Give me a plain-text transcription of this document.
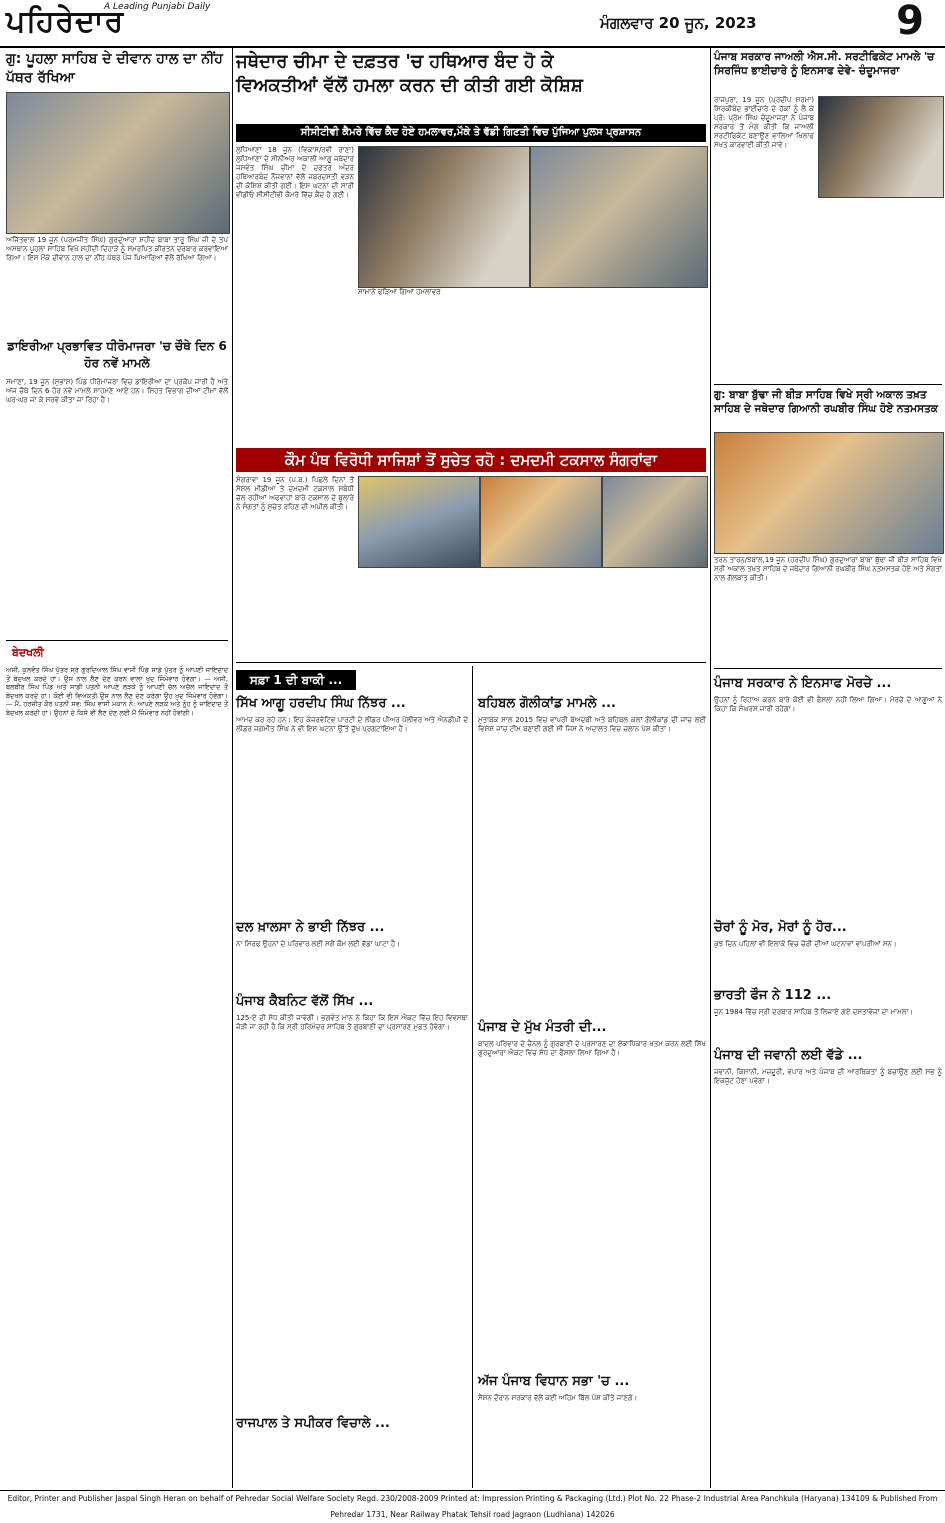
ਪਹਿਰੇਦਾਰ
A Leading Punjabi Daily
ਮੰਗਲਵਾਰ 20 ਜੂਨ, 2023	9
ਗੁ: ਪੂਹਲਾ ਸਾਹਿਬ ਦੇ ਦੀਵਾਨ ਹਾਲ ਦਾ ਨੀਂਹ ਪੱਥਰ ਰੱਖਿਆ
ਅਜਿੱਤਵਾਲ 19 ਜੂਨ (ਪਰਮਜੀਤ ਸਿੰਘ) ਗੁਰਦੁਆਰਾ ਸ਼ਹੀਦ ਬਾਬਾ ਤਾਰੂ ਸਿੰਘ ਜੀ ਦੇ ਤਪ ਅਸਥਾਨ ਪੂਹਲਾ ਸਾਹਿਬ ਵਿਖੇ ਸ਼ਹੀਦੀ ਦਿਹਾੜੇ ਨੂੰ ਸਮਰਪਿਤ ਕੀਰਤਨ ਦਰਬਾਰ ਕਰਵਾਇਆ ਗਿਆ। ਇਸ ਮੌਕੇ ਦੀਵਾਨ ਹਾਲ ਦਾ ਨੀਂਹ ਪੱਥਰ ਪੰਜ ਪਿਆਰਿਆਂ ਵੱਲੋਂ ਰੱਖਿਆ ਗਿਆ।
ਡਾਇਰੀਆ ਪ੍ਰਭਾਵਿਤ ਧੀਰੋਮਾਜਰਾ 'ਚ ਚੌਥੇ ਦਿਨ 6 ਹੋਰ ਨਵੇਂ ਮਾਮਲੇ
ਸਮਾਣਾ, 19 ਜੂਨ (ਸੁਭਾਸ਼) ਪਿੰਡ ਧੀਰੋਮਾਜਰਾ ਵਿਚ ਡਾਇਰੀਆ ਦਾ ਪ੍ਰਕੋਪ ਜਾਰੀ ਹੈ ਅਤੇ ਅੱਜ ਚੌਥੇ ਦਿਨ 6 ਹੋਰ ਨਵੇਂ ਮਾਮਲੇ ਸਾਹਮਣੇ ਆਏ ਹਨ। ਸਿਹਤ ਵਿਭਾਗ ਦੀਆਂ ਟੀਮਾਂ ਵੱਲੋਂ ਘਰ-ਘਰ ਜਾ ਕੇ ਸਰਵੇ ਕੀਤਾ ਜਾ ਰਿਹਾ ਹੈ।
ਬੇਦਖਲੀ
ਅਸੀਂ, ਕੁਲਵੰਤ ਸਿੰਘ ਪੁੱਤਰ ਸ੍ਰ ਗੁਰਦਿਆਲ ਸਿੰਘ ਵਾਸੀ ਪਿੰਡ ਸਾਡੇ ਪੁੱਤਰ ਨੂੰ ਆਪਣੀ ਜਾਇਦਾਦ ਤੋਂ ਬੇਦਖਲ ਕਰਦੇ ਹਾਂ। ਉਸ ਨਾਲ ਲੈਣ ਦੇਣ ਕਰਨ ਵਾਲਾ ਖੁਦ ਜਿੰਮੇਵਾਰ ਹੋਵੇਗਾ। — ਅਸੀਂ, ਬਲਬੀਰ ਸਿੰਘ ਪਿੰਡ ਅਤੇ ਸਾਡੀ ਪਤਨੀ ਆਪਣੇ ਲੜਕੇ ਨੂੰ ਆਪਣੀ ਚੱਲ ਅਚੱਲ ਜਾਇਦਾਦ ਤੋਂ ਬੇਦਖਲ ਕਰਦੇ ਹਾਂ। ਕੋਈ ਵੀ ਵਿਅਕਤੀ ਉਸ ਨਾਲ ਲੈਣ ਦੇਣ ਕਰੇਗਾ ਉਹ ਖੁਦ ਜਿੰਮੇਵਾਰ ਹੋਵੇਗਾ। — ਮੈਂ, ਹਰਜੀਤ ਕੌਰ ਪਤਨੀ ਸਵ: ਸਿੰਘ ਵਾਸੀ ਮਕਾਨ ਨੰ: ਆਪਣੇ ਲੜਕੇ ਅਤੇ ਨੂੰਹ ਨੂੰ ਜਾਇਦਾਦ ਤੋਂ ਬੇਦਖਲ ਕਰਦੀ ਹਾਂ। ਉਹਨਾਂ ਦੇ ਕਿਸੇ ਵੀ ਲੈਣ ਦੇਣ ਲਈ ਮੈਂ ਜਿੰਮੇਵਾਰ ਨਹੀਂ ਹੋਵਾਂਗੀ।
ਜਥੇਦਾਰ ਚੀਮਾ ਦੇ ਦਫ਼ਤਰ 'ਚ ਹਥਿਆਰ ਬੰਦ ਹੋ ਕੇ
ਵਿਅਕਤੀਆਂ ਵੱਲੋਂ ਹਮਲਾ ਕਰਨ ਦੀ ਕੀਤੀ ਗਈ ਕੋਸ਼ਿਸ਼
ਸੀਸੀਟੀਵੀ ਕੈਮਰੇ ਵਿੱਚ ਕੈਦ ਹੋਏ ਹਮਲਾਵਰ,ਮੌਕੇ ਤੇ ਵੱਡੀ ਗਿਣਤੀ ਵਿਚ ਪੁੱਜਿਆ ਪੁਲਸ ਪ੍ਰਸ਼ਾਸਨ
ਲੁਧਿਆਣਾ 18 ਜੂਨ (ਵਿਕਾਸ/ਰਵੀ ਰਾਣਾ) ਲੁਧਿਆਣਾ ਦੇ ਸੀਨੀਅਰ ਅਕਾਲੀ ਆਗੂ ਜਥੇਦਾਰ ਜਸਵੰਤ ਸਿੰਘ ਚੀਮਾ ਦੇ ਦਫ਼ਤਰ ਅੰਦਰ ਹਥਿਆਰਬੰਦ ਨੌਜਵਾਨਾਂ ਵੱਲੋਂ ਜਬਰਦਸਤੀ ਵੜਨ ਦੀ ਕੋਸ਼ਿਸ਼ ਕੀਤੀ ਗਈ। ਇਸ ਘਟਨਾ ਦੀ ਸਾਰੀ ਵੀਡੀਓ ਸੀਸੀਟੀਵੀ ਕੈਮਰੇ ਵਿੱਚ ਕੈਦ ਹੋ ਗਈ।
ਸਾਮਾਨੇ ਫੜਿਆ ਗਿਆ ਹਮਲਾਵਰ
ਕੌਮ ਪੰਥ ਵਿਰੋਧੀ ਸਾਜਿਸ਼ਾਂ ਤੋਂ ਸੁਚੇਤ ਰਹੋ : ਦਮਦਮੀ ਟਕਸਾਲ ਸੰਗਰਾਂਵਾ
ਸੰਗਰਾਵਾ 19 ਜੂਨ (ਪ.ਬ.) ਪਿਛਲੇ ਦਿਨਾਂ ਤੋਂ ਸੋਸ਼ਲ ਮੀਡੀਆ ਤੇ ਦਮਦਮੀ ਟਕਸਾਲ ਸਬੰਧੀ ਚੱਲ ਰਹੀਆਂ ਅਫਵਾਹਾਂ ਬਾਰੇ ਟਕਸਾਲ ਦੇ ਬੁਲਾਰੇ ਨੇ ਸੰਗਤਾਂ ਨੂੰ ਸੁਚੇਤ ਰਹਿਣ ਦੀ ਅਪੀਲ ਕੀਤੀ।
ਸਫ਼ਾ 1 ਦੀ ਬਾਕੀ ...
ਸਿੱਖ ਆਗੂ ਹਰਦੀਪ ਸਿੰਘ ਨਿੱਝਰ ...
ਆਮਦ ਕਰ ਰਹੇ ਹਨ। ਇਹ ਕੰਜਰਵੇਟਿਵ ਪਾਰਟੀ ਦੇ ਲੀਡਰ ਪੀਅਰ ਪੋਲੀਵਰ ਅਤੇ ਐਨਡੀਪੀ ਦੇ ਲੀਡਰ ਜਗਮੀਤ ਸਿੰਘ ਨੇ ਵੀ ਇਸ ਘਟਨਾ ਉੱਤੇ ਦੁੱਖ ਪ੍ਰਗਟਾਇਆ ਹੈ।
ਦਲ ਖ਼ਾਲਸਾ ਨੇ ਭਾਈ ਨਿੱਝਰ ...
ਨਾ ਸਿਰਫ ਉਹਨਾਂ ਦੇ ਪਰਿਵਾਰ ਲਈ ਸਗੋਂ ਕੌਮ ਲਈ ਵੱਡਾ ਘਾਟਾ ਹੈ।
ਪੰਜਾਬ ਕੈਬਨਿਟ ਵੱਲੋਂ ਸਿੱਖ ...
125-ਏ ਦੀ ਸੋਧ ਕੀਤੀ ਜਾਵੇਗੀ। ਭਗਵੰਤ ਮਾਨ ਨੇ ਕਿਹਾ ਕਿ ਇਸ ਐਕਟ ਵਿੱਚ ਇਹ ਵਿਵਸਥਾ ਜੋੜੀ ਜਾ ਰਹੀ ਹੈ ਕਿ ਸ੍ਰੀ ਹਰਿਮੰਦਰ ਸਾਹਿਬ ਤੋਂ ਗੁਰਬਾਣੀ ਦਾ ਪ੍ਰਸਾਰਣ ਮੁਫ਼ਤ ਹੋਵੇਗਾ।
ਰਾਜਪਾਲ ਤੇ ਸਪੀਕਰ ਵਿਚਾਲੇ ...
ਬਹਿਬਲ ਗੋਲੀਕਾਂਡ ਮਾਮਲੇ ...
ਮੁਤਾਬਕ ਸਾਲ 2015 ਵਿਚ ਵਾਪਰੀ ਬੇਅਦਬੀ ਅਤੇ ਬਹਿਬਲ ਕਲਾਂ ਗੋਲੀਕਾਂਡ ਦੀ ਜਾਂਚ ਲਈ ਵਿਸ਼ੇਸ਼ ਜਾਂਚ ਟੀਮ ਬਣਾਈ ਗਈ ਸੀ ਜਿਸ ਨੇ ਅਦਾਲਤ ਵਿਚ ਚਲਾਨ ਪੇਸ਼ ਕੀਤਾ।
ਪੰਜਾਬ ਦੇ ਮੁੱਖ ਮੰਤਰੀ ਦੀ...
ਬਾਦਲ ਪਰਿਵਾਰ ਦੇ ਚੈਨਲ ਨੂੰ ਗੁਰਬਾਣੀ ਦੇ ਪ੍ਰਸਾਰਣ ਦਾ ਏਕਾਧਿਕਾਰ ਖਤਮ ਕਰਨ ਲਈ ਸਿੱਖ ਗੁਰਦੁਆਰਾ ਐਕਟ ਵਿਚ ਸੋਧ ਦਾ ਫੈਸਲਾ ਲਿਆ ਗਿਆ ਹੈ।
ਅੱਜ ਪੰਜਾਬ ਵਿਧਾਨ ਸਭਾ 'ਚ ...
ਸੈਸ਼ਨ ਦੌਰਾਨ ਸਰਕਾਰ ਵੱਲੋਂ ਕਈ ਅਹਿਮ ਬਿੱਲ ਪੇਸ਼ ਕੀਤੇ ਜਾਣਗੇ।
ਪੰਜਾਬ ਸਰਕਾਰ ਜਾਅਲੀ ਐਸ.ਸੀ. ਸਰਟੀਫਿਕੇਟ ਮਾਮਲੇ 'ਚ ਸਿਰਜਿੰਧ ਭਾਈਚਾਰੇ ਨੂੰ ਇਨਸਾਫ ਦੇਵੇ- ਚੰਦੂਮਾਜਰਾ
ਰਾਜਪੁਰਾ, 19 ਜੂਨ (ਪ੍ਰਦੀਪ ਸ਼ਰਮਾ) ਸਿਰਕੀਬੰਦ ਭਾਈਚਾਰੇ ਦੇ ਹੱਕਾਂ ਨੂੰ ਲੈ ਕੇ ਪ੍ਰੋ: ਪ੍ਰੇਮ ਸਿੰਘ ਚੰਦੂਮਾਜਰਾ ਨੇ ਪੰਜਾਬ ਸਰਕਾਰ ਤੋਂ ਮੰਗ ਕੀਤੀ ਕਿ ਜਾਅਲੀ ਸਰਟੀਫਿਕੇਟ ਬਣਾਉਣ ਵਾਲਿਆਂ ਖਿਲਾਫ ਸਖਤ ਕਾਰਵਾਈ ਕੀਤੀ ਜਾਵੇ।
ਗੁ: ਬਾਬਾ ਬੁੱਢਾ ਜੀ ਬੀੜ ਸਾਹਿਬ ਵਿਖੇ ਸ੍ਰੀ ਅਕਾਲ ਤਖ਼ਤ ਸਾਹਿਬ ਦੇ ਜਥੇਦਾਰ ਗਿਆਨੀ ਰਘਬੀਰ ਸਿੰਘ ਹੋਏ ਨਤਮਸਤਕ
ਤਰਨ ਤਾਰਨ/ਝਬਾਲ,19 ਜੂਨ (ਹਰਦੀਪ ਸਿੰਘ) ਗੁਰਦੁਆਰਾ ਬਾਬਾ ਬੁੱਢਾ ਜੀ ਬੀੜ ਸਾਹਿਬ ਵਿਖੇ ਸ੍ਰੀ ਅਕਾਲ ਤਖ਼ਤ ਸਾਹਿਬ ਦੇ ਜਥੇਦਾਰ ਗਿਆਨੀ ਰਘਬੀਰ ਸਿੰਘ ਨਤਮਸਤਕ ਹੋਏ ਅਤੇ ਸੰਗਤਾਂ ਨਾਲ ਗੱਲਬਾਤ ਕੀਤੀ।
ਪੰਜਾਬ ਸਰਕਾਰ ਨੇ ਇਨਸਾਫ ਮੋਰਚੇ ...
ਉਹਨਾਂ ਨੂੰ ਰਿਹਾਅ ਕਰਨ ਬਾਰੇ ਕੋਈ ਵੀ ਫੈਸਲਾ ਨਹੀਂ ਲਿਆ ਗਿਆ। ਮੋਰਚੇ ਦੇ ਆਗੂਆਂ ਨੇ ਕਿਹਾ ਕਿ ਸੰਘਰਸ਼ ਜਾਰੀ ਰਹੇਗਾ।
ਚੋਰਾਂ ਨੂੰ ਮੋਰ, ਮੋਰਾਂ ਨੂੰ ਹੋਰ...
ਕੁਝ ਦਿਨ ਪਹਿਲਾਂ ਵੀ ਇਲਾਕੇ ਵਿਚ ਚੋਰੀ ਦੀਆਂ ਘਟਨਾਵਾਂ ਵਾਪਰੀਆਂ ਸਨ।
ਭਾਰਤੀ ਫੌਜ ਨੇ 112 ...
ਜੂਨ 1984 ਵਿੱਚ ਸ੍ਰੀ ਦਰਬਾਰ ਸਾਹਿਬ ਤੋਂ ਲਿਜਾਏ ਗਏ ਦਸਤਾਵੇਜ਼ਾਂ ਦਾ ਮਾਮਲਾ।
ਪੰਜਾਬ ਦੀ ਜਵਾਨੀ ਲਈ ਵੱਡੇ ...
ਜਵਾਨੀ, ਕਿਸਾਨੀ, ਮਜ਼ਦੂਰੀ, ਵਪਾਰ ਅਤੇ ਪੰਜਾਬ ਦੀ ਆਰਥਿਕਤਾ ਨੂੰ ਬਚਾਉਣ ਲਈ ਸਭ ਨੂੰ ਇਕਜੁੱਟ ਹੋਣਾ ਪਵੇਗਾ।
Editor, Printer and Publisher Jaspal Singh Heran on behalf of Pehredar Social Welfare Society Regd. 230/2008-2009 Printed at: Impression Printing & Packaging (Ltd.) Plot No. 22 Phase-2 Industrial Area Panchkula (Haryana) 134109 & Published From Pehredar 1731, Near Railway Phatak Tehsil road Jagraon (Ludhiana) 142026
